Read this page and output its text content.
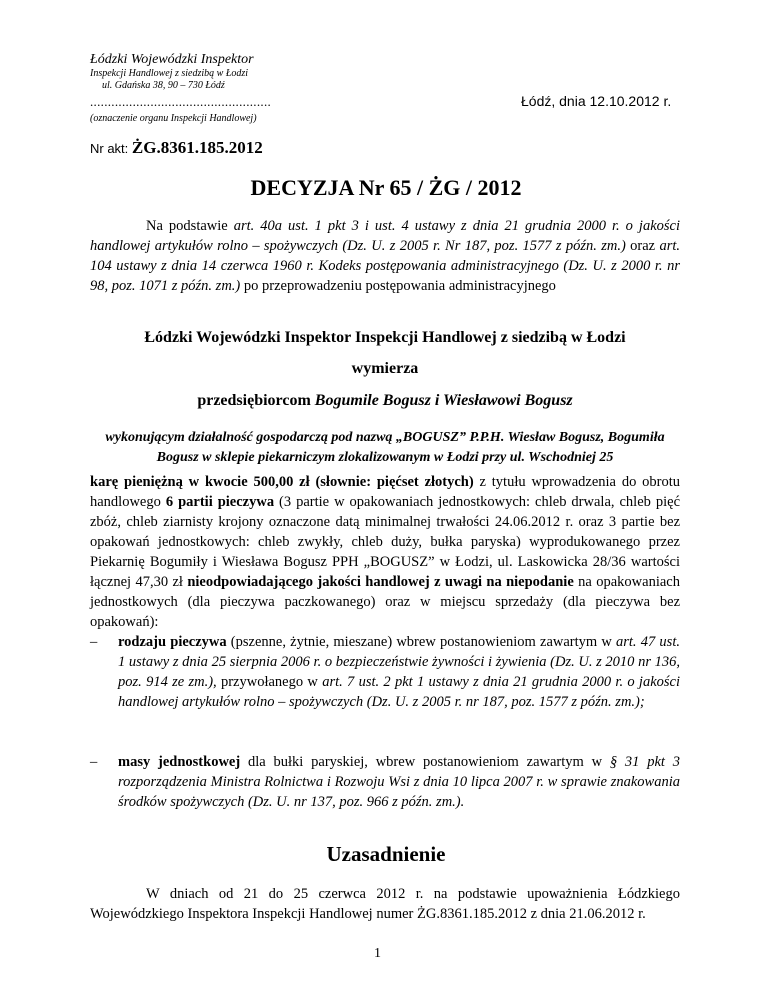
Łódzki Wojewódzki Inspektor
Inspekcji Handlowej z siedzibą w Łodzi
ul. Gdańska 38, 90 – 730 Łódź
...................................................
(oznaczenie organu Inspekcji Handlowej)
Łódź, dnia 12.10.2012 r.
Nr akt: ŻG.8361.185.2012
DECYZJA Nr 65 / ŻG / 2012
Na podstawie art. 40a ust. 1 pkt 3 i ust. 4 ustawy z dnia 21 grudnia 2000 r. o jakości handlowej artykułów rolno – spożywczych (Dz. U. z 2005 r. Nr 187, poz. 1577 z późn. zm.) oraz art. 104 ustawy z dnia 14 czerwca 1960 r. Kodeks postępowania administracyjnego (Dz. U. z 2000 r. nr 98, poz. 1071 z późn. zm.) po przeprowadzeniu postępowania administracyjnego
Łódzki Wojewódzki Inspektor Inspekcji Handlowej z siedzibą w Łodzi
wymierza
przedsiębiorcom Bogumile Bogusz i Wiesławowi Bogusz
wykonującym działalność gospodarczą pod nazwą „BOGUSZ” P.P.H. Wiesław Bogusz, Bogumiła Bogusz w sklepie piekarniczym zlokalizowanym w Łodzi przy ul. Wschodniej 25
karę pieniężną w kwocie 500,00 zł (słownie: pięćset złotych) z tytułu wprowadzenia do obrotu handlowego 6 partii pieczywa (3 partie w opakowaniach jednostkowych: chleb drwala, chleb pięć zbóż, chleb ziarnisty krojony oznaczone datą minimalnej trwałości 24.06.2012 r. oraz 3 partie bez opakowań jednostkowych: chleb zwykły, chleb duży, bułka paryska) wyprodukowanego przez Piekarnię Bogumiły i Wiesława Bogusz PPH „BOGUSZ” w Łodzi, ul. Laskowicka 28/36 wartości łącznej 47,30 zł nieodpowiadającego jakości handlowej z uwagi na niepodanie na opakowaniach jednostkowych (dla pieczywa paczkowanego) oraz w miejscu sprzedaży (dla pieczywa bez opakowań):
– rodzaju pieczywa (pszenne, żytnie, mieszane) wbrew postanowieniom zawartym w art. 47 ust. 1 ustawy z dnia 25 sierpnia 2006 r. o bezpieczeństwie żywności i żywienia (Dz. U. z 2010 nr 136, poz. 914 ze zm.), przywołanego w art. 7 ust. 2 pkt 1 ustawy z dnia 21 grudnia 2000 r. o jakości handlowej artykułów rolno – spożywczych (Dz. U. z 2005 r. nr 187, poz. 1577 z późn. zm.);
– masy jednostkowej dla bułki paryskiej, wbrew postanowieniom zawartym w § 31 pkt 3 rozporządzenia Ministra Rolnictwa i Rozwoju Wsi z dnia 10 lipca 2007 r. w sprawie znakowania środków spożywczych (Dz. U. nr 137, poz. 966 z późn. zm.).
Uzasadnienie
W dniach od 21 do 25 czerwca 2012 r. na podstawie upoważnienia Łódzkiego Wojewódzkiego Inspektora Inspekcji Handlowej numer ŻG.8361.185.2012 z dnia 21.06.2012 r.
1
